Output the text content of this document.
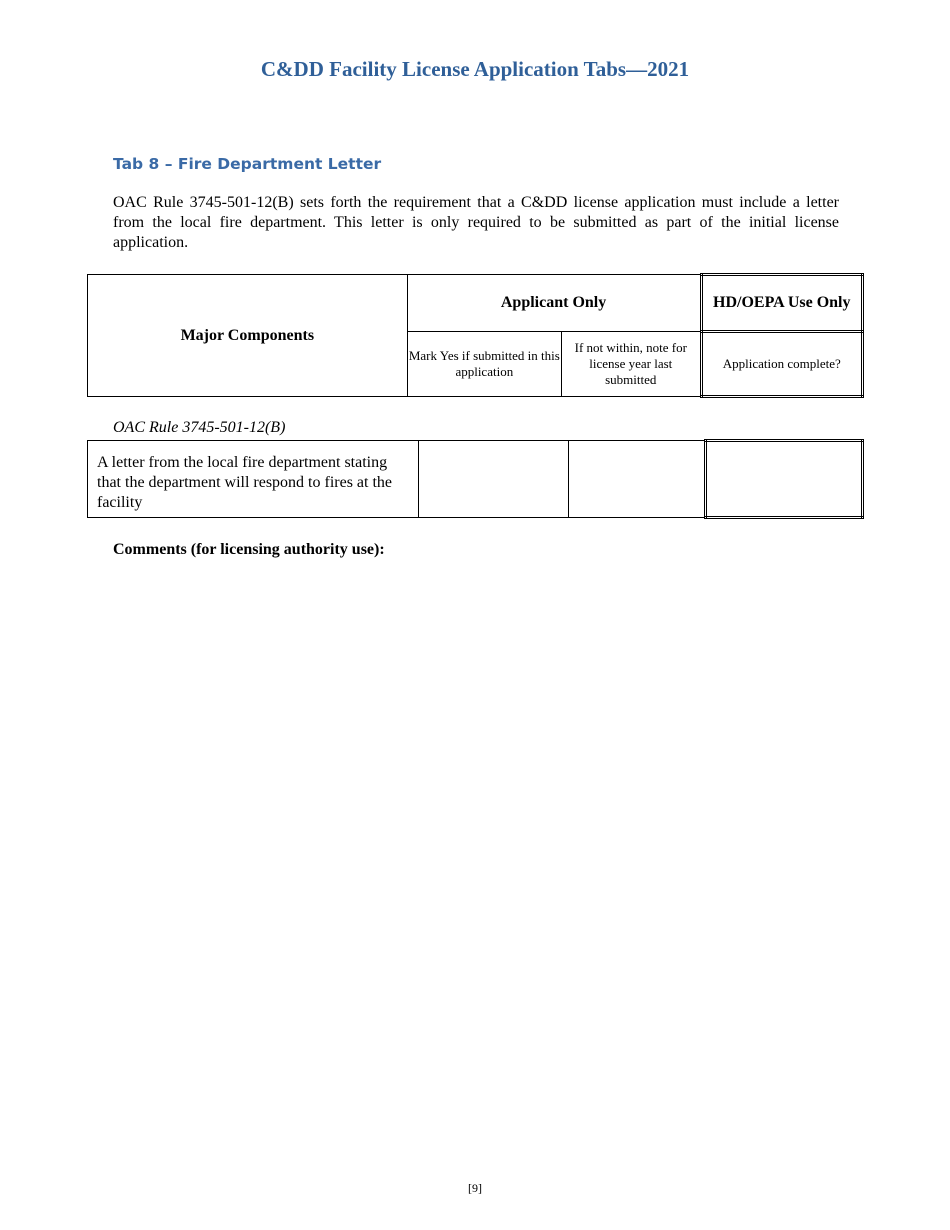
C&DD Facility License Application Tabs—2021
Tab 8 – Fire Department Letter

OAC Rule 3745-501-12(B) sets forth the requirement that a C&DD license application must include a letter from the local fire department. This letter is only required to be submitted as part of the initial license application.

Major Components	Applicant Only		HD/OEPA Use Only
	Mark Yes if submitted in this application	If not within, note for license year last submitted	Application complete?

OAC Rule 3745-501-12(B)

A letter from the local fire department stating that the department will respond to fires at the facility			

Comments (for licensing authority use):

[9]
